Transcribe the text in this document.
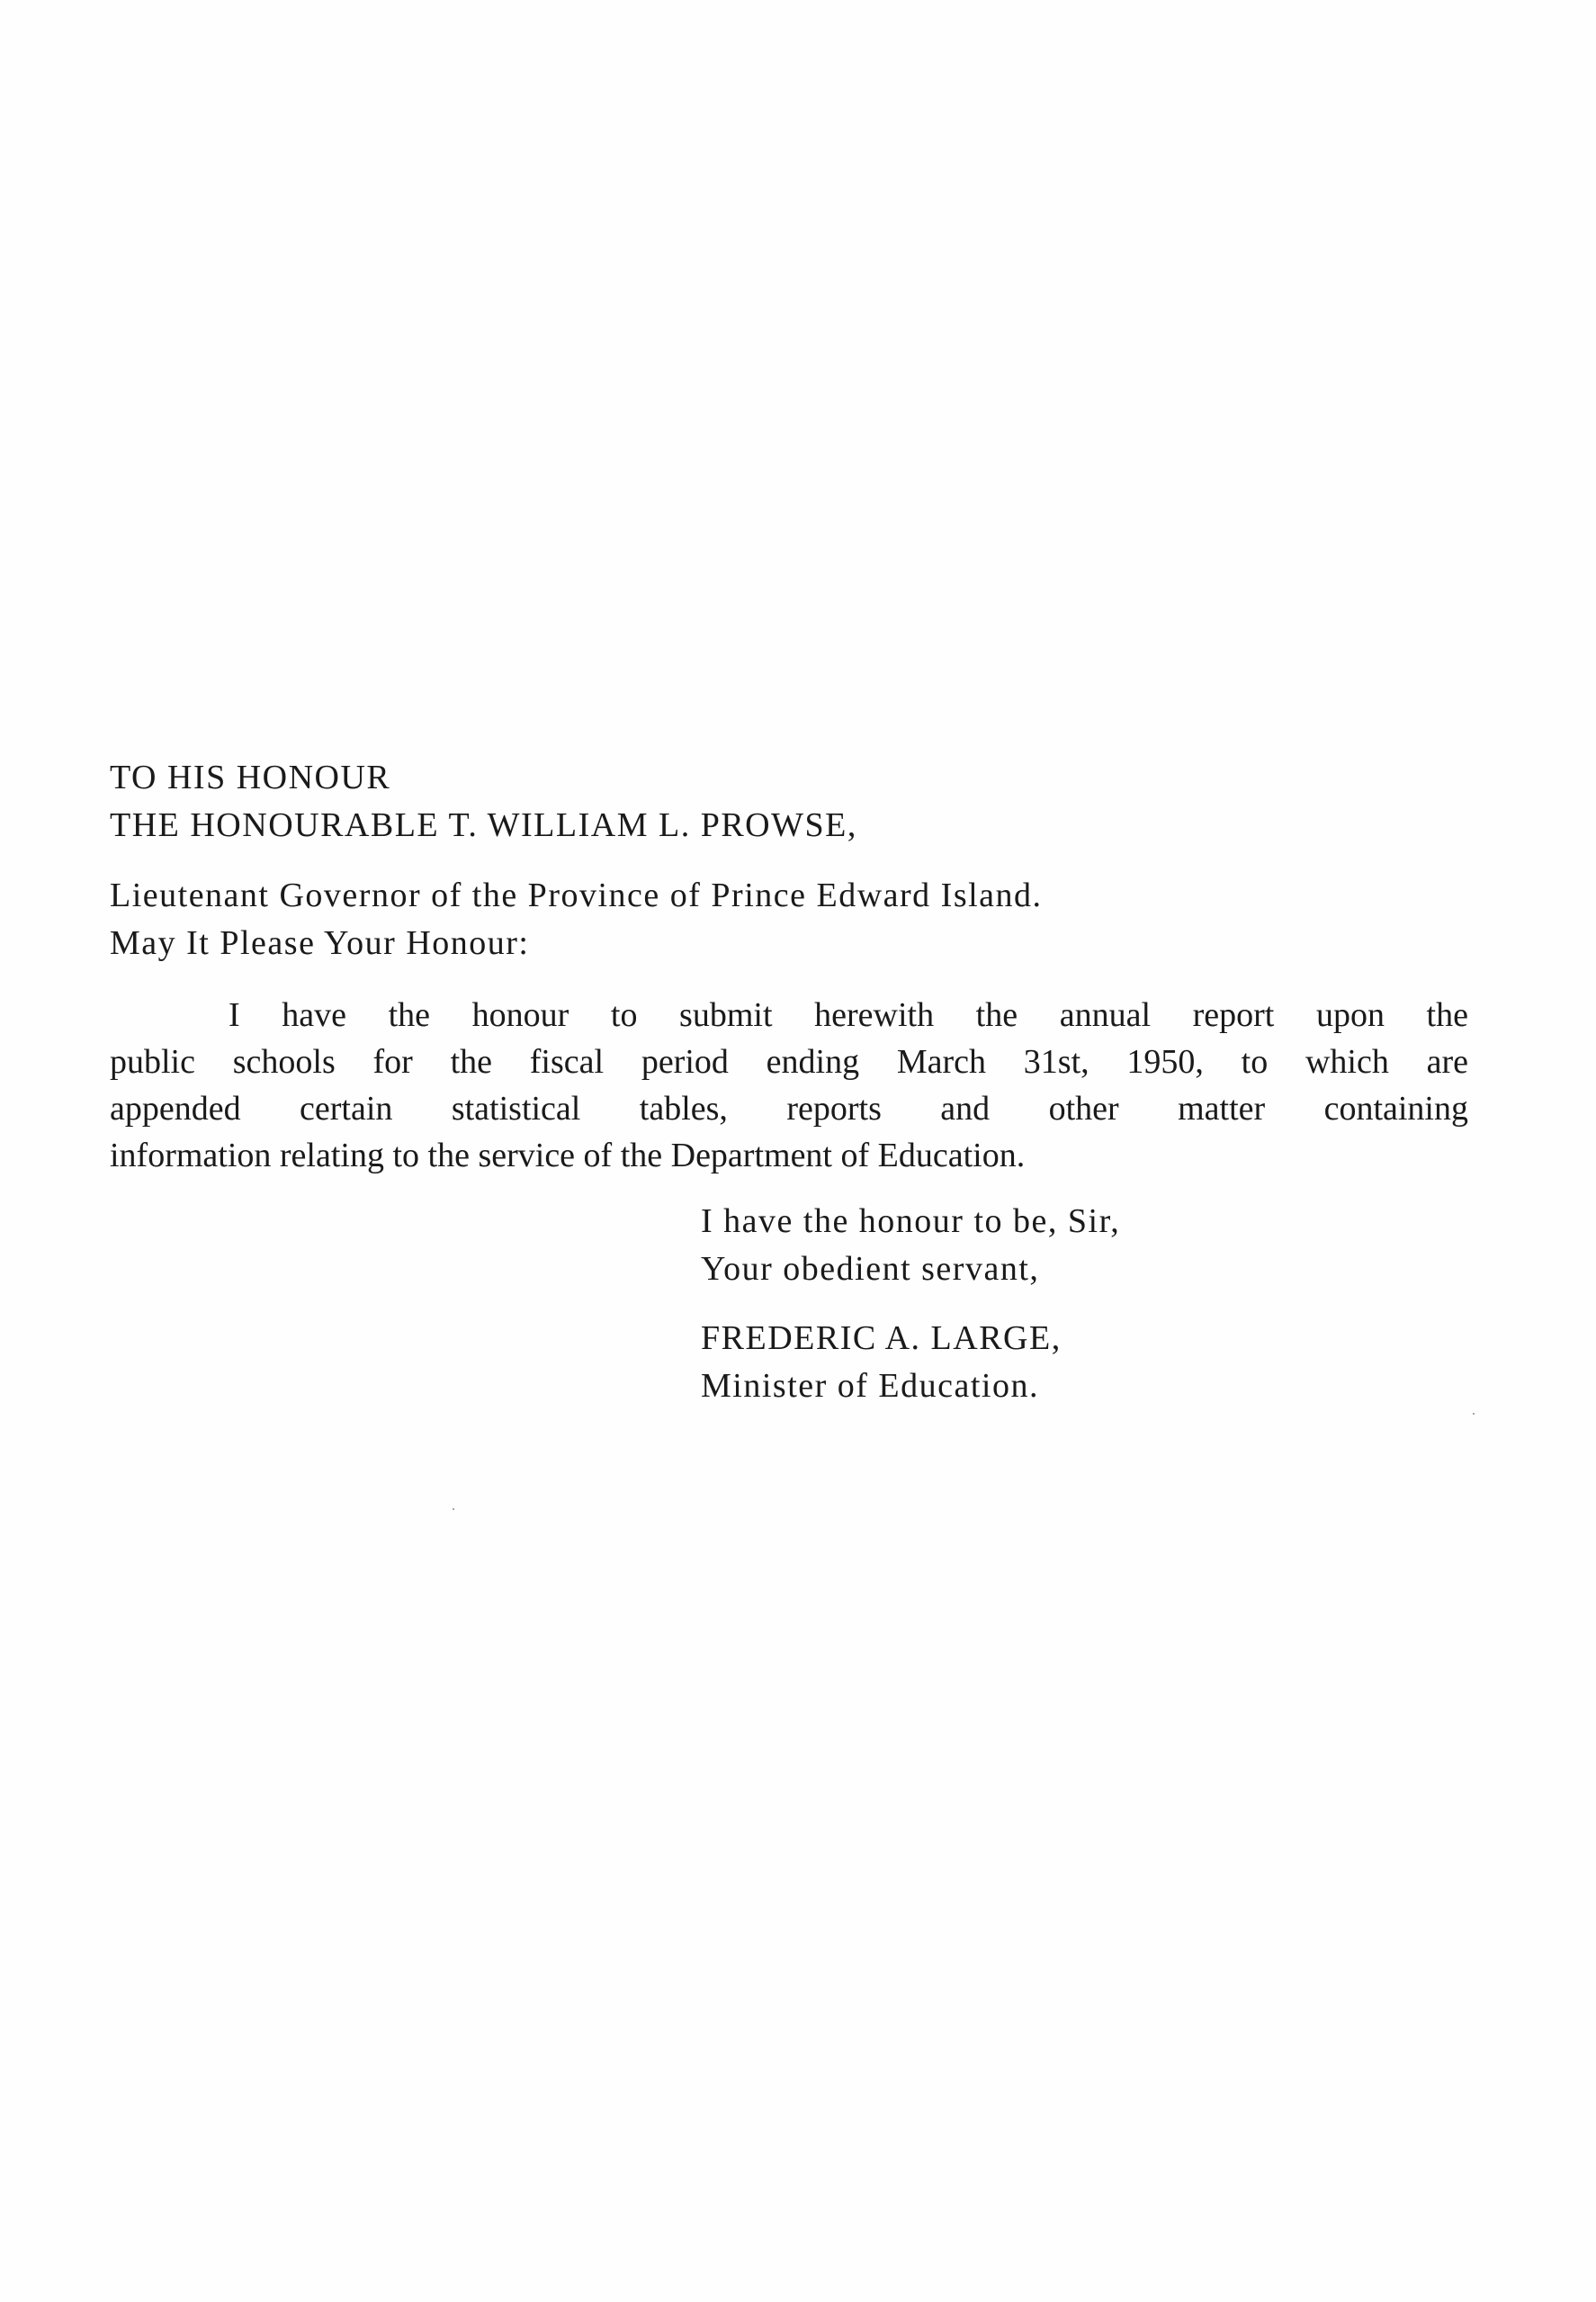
TO HIS HONOUR
THE HONOURABLE T. WILLIAM L. PROWSE,
Lieutenant Governor of the Province of Prince Edward Island.
May It Please Your Honour:
I have the honour to submit herewith the annual report upon the
public schools for the fiscal period ending March 31st, 1950, to which are
appended certain statistical tables, reports and other matter containing
information relating to the service of the Department of Education.
I have the honour to be, Sir,
Your obedient servant,
FREDERIC A. LARGE,
Minister of Education.
